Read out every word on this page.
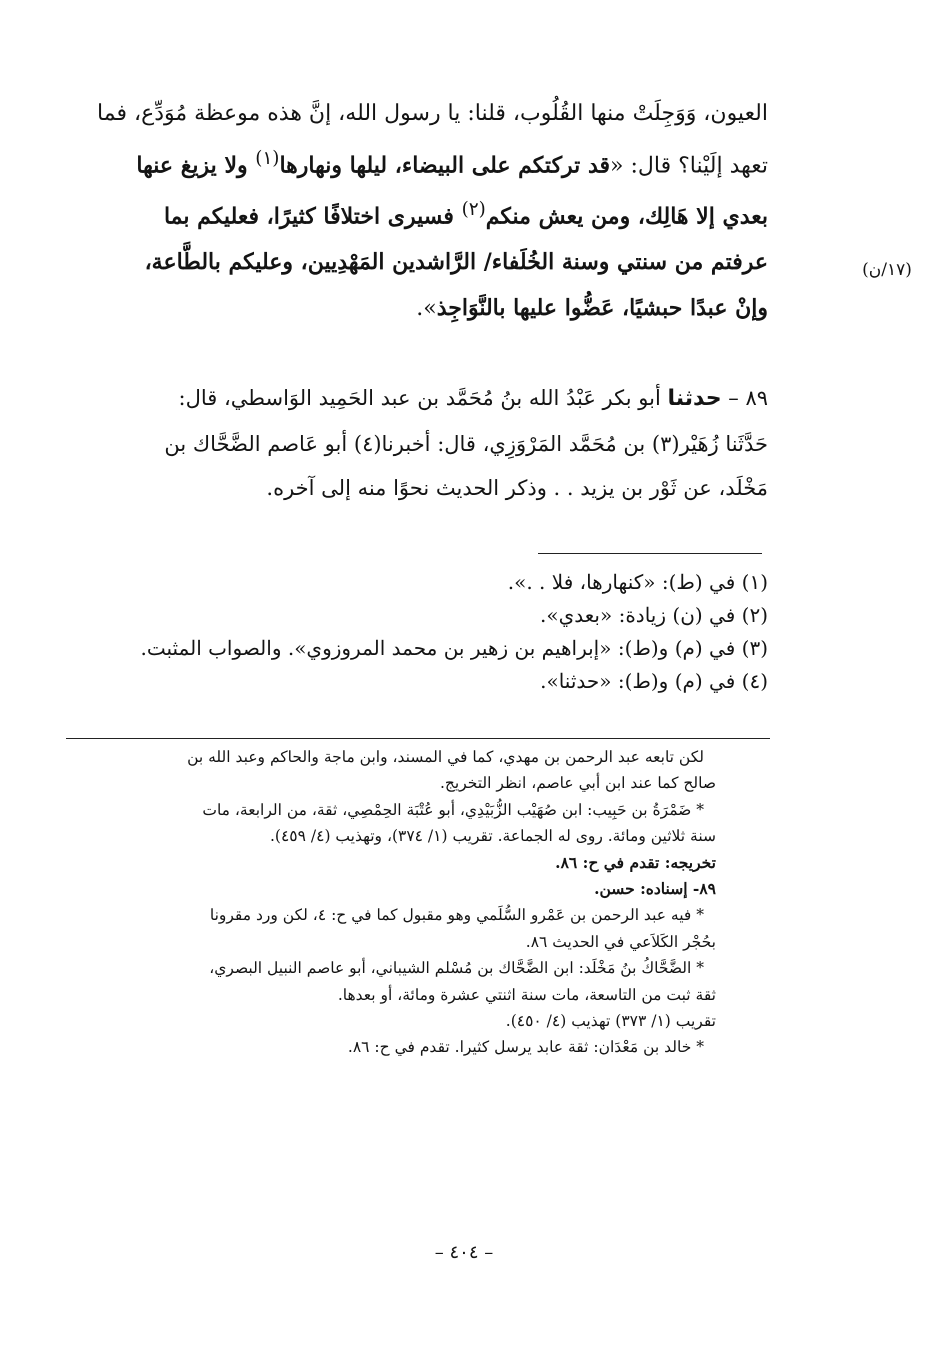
العيون، وَوَجِلَتْ منها القُلُوب، قلنا: يا رسول الله، إنَّ هذه موعظة مُوَدِّع، فما
تعهد إلَيْنا؟ قال: «قد تركتكم على البيضاء، ليلها ونهارها$^{(١)}$ ولا يزيغ عنها
بعدي إلا هَالِك، ومن يعش منكم$^{(٢)}$ فسيرى اختلافًا كثيرًا، فعليكم بما
عرفتم من سنتي وسنة الخُلَفاء/ الرَّاشدين المَهْدِيين، وعليكم بالطَّاعة،
وإنْ عبدًا حبشيًا، عَضُّوا عليها بالنَّوَاجِذ».
(١٧/ن)
٨٩ – حدثنا أبو بكر عَبْدُ الله بنُ مُحَمَّد بن عبد الحَمِيد الوَاسطي، قال:
حَدَّثَنا زُهَيْر(٣) بن مُحَمَّد المَرْوَزِي، قال: أخبرنا(٤) أبو عَاصم الضَّحَّاك بن
مَخْلَد، عن ثَوْر بن يزيد . . وذكر الحديث نحوًا منه إلى آخره.
(١) في (ط): «كنهارها، فلا . .».
(٢) في (ن) زيادة: «بعدي».
(٣) في (م) و(ط): «إبراهيم بن زهير بن محمد المروزوي». والصواب المثبت.
(٤) في (م) و(ط): «حدثنا».
لكن تابعه عبد الرحمن بن مهدي، كما في المسند، وابن ماجة والحاكم وعبد الله بن
صالح كما عند ابن أبي عاصم، انظر التخريج.
* ضَمْرَةُ بن حَبِيب: ابن صُهَيْب الزُّبَيْدِي، أبو عُتْبَة الحِمْصِي، ثقة، من الرابعة، مات
سنة ثلاثين ومائة. روى له الجماعة. تقريب (١/ ٣٧٤)، وتهذيب (٤/ ٤٥٩).
تخريجه: تقدم في ح: ٨٦.
٨٩- إسناده: حسن.
* فيه عبد الرحمن بن عَمْرو السُّلَمي وهو مقبول كما في ح: ٤، لكن ورد مقرونا
بحُجْر الكَلاَعي في الحديث ٨٦.
* الضَّحَّاكُ بنُ مَخْلَد: ابن الضَّحَّاك بن مُسْلم الشيباني، أبو عاصم النبيل البصري،
ثقة ثبت من التاسعة، مات سنة اثنتي عشرة ومائة، أو بعدها.
تقريب (١/ ٣٧٣) تهذيب (٤/ ٤٥٠).
* خالد بن مَعْدَان: ثقة عابد يرسل كثيرا. تقدم في ح: ٨٦.
– ٤٠٤ –
